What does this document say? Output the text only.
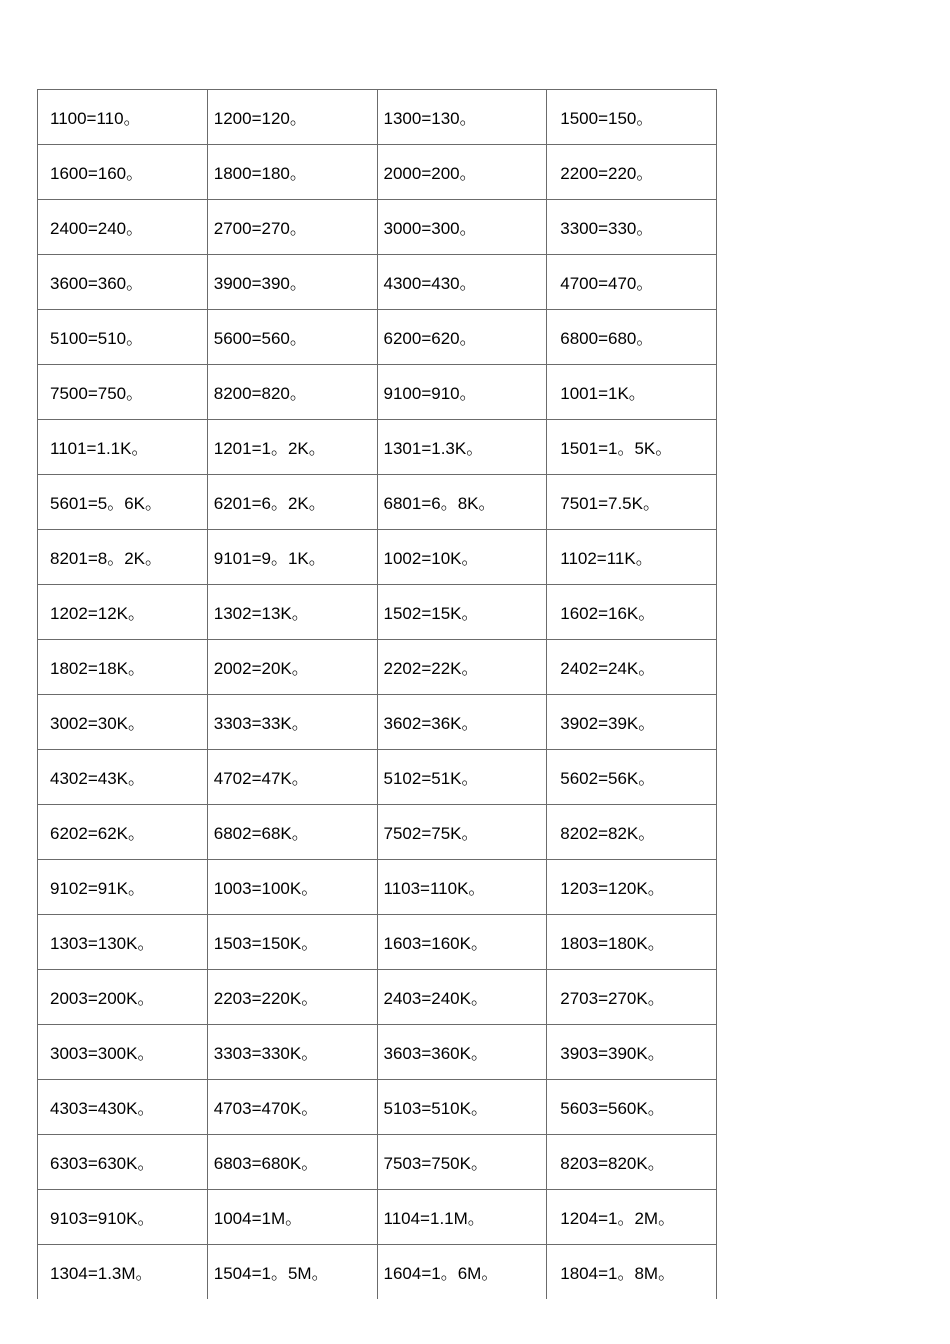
1100=110。	1200=120。	1300=130。	1500=150。
1600=160。	1800=180。	2000=200。	2200=220。
2400=240。	2700=270。	3000=300。	3300=330。
3600=360。	3900=390。	4300=430。	4700=470。
5100=510。	5600=560。	6200=620。	6800=680。
7500=750。	8200=820。	9100=910。	1001=1K。
1101=1.1K。	1201=1。2K。	1301=1.3K。	1501=1。5K。
5601=5。6K。	6201=6。2K。	6801=6。8K。	7501=7.5K。
8201=8。2K。	9101=9。1K。	1002=10K。	1102=11K。
1202=12K。	1302=13K。	1502=15K。	1602=16K。
1802=18K。	2002=20K。	2202=22K。	2402=24K。
3002=30K。	3303=33K。	3602=36K。	3902=39K。
4302=43K。	4702=47K。	5102=51K。	5602=56K。
6202=62K。	6802=68K。	7502=75K。	8202=82K。
9102=91K。	1003=100K。	1103=110K。	1203=120K。
1303=130K。	1503=150K。	1603=160K。	1803=180K。
2003=200K。	2203=220K。	2403=240K。	2703=270K。
3003=300K。	3303=330K。	3603=360K。	3903=390K。
4303=430K。	4703=470K。	5103=510K。	5603=560K。
6303=630K。	6803=680K。	7503=750K。	8203=820K。
9103=910K。	1004=1M。	1104=1.1M。	1204=1。2M。
1304=1.3M。	1504=1。5M。	1604=1。6M。	1804=1。8M。
